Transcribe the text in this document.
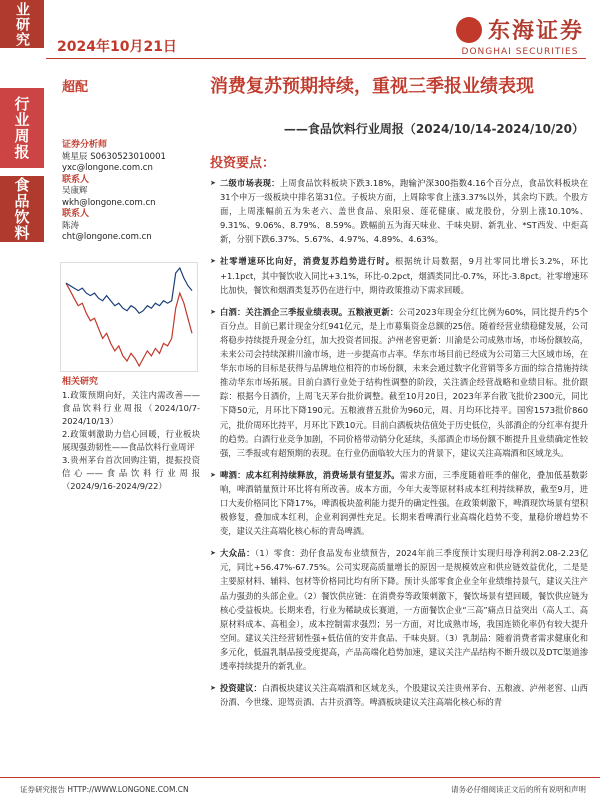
业研究
行业周报
食品饮料
2024年10月21日
东海证券
DONGHAI SECURITIES
超配
证券分析师
姚星辰 S0630523010001
yxc@longone.com.cn
联系人
吴康辉
wkh@longone.com.cn
联系人
陈涛
cht@longone.com.cn
相关研究
1.政策预期向好，关注内需改善——食品饮料行业周报（2024/10/7-2024/10/13）
2.政策刺激助力信心回暖，行业板块展现强劲韧性——食品饮料行业周评
3.贵州茅台首次回购注销，提振投资信心——食品饮料行业周报（2024/9/16-2024/9/22）
消费复苏预期持续，重视三季报业绩表现
——食品饮料行业周报（2024/10/14-2024/10/20）
投资要点：
➤ 二级市场表现：上周食品饮料板块下跌3.18%，跑输沪深300指数4.16个百分点，食品饮料板块在31个申万一级板块中排名第31位。子板块方面，上周除零食上涨3.37%以外，其余均下跌。个股方面，上周涨幅前五为朱老六、盖世食品、泉阳泉、莲花健康、威龙股份，分别上涨10.10%、9.31%、9.06%、8.79%、8.59%。跌幅前五为海天味业、千味央厨、新乳业、*ST西发、中炬高新，分别下跌6.37%、5.67%、4.97%、4.89%、4.63%。
➤ 社零增速环比向好，消费复苏趋势进行时。根据统计局数据，9月社零同比增长3.2%，环比+1.1pct，其中餐饮收入同比+3.1%，环比-0.2pct，烟酒类同比-0.7%，环比-3.8pct。社零增速环比加快，餐饮和烟酒类复苏仍在进行中，期待政策推动下需求回暖。
➤ 白酒：关注酒企三季报业绩表现。五粮液更新：公司2023年现金分红比例为60%，同比提升约5个百分点。目前已累计现金分红941亿元，是上市募集资金总额的25倍。随着经营业绩稳健发展，公司将稳步持续提升现金分红，加大投资者回报。泸州老窖更新：川渝是公司成熟市场，市场份额较高，未来公司会持续深耕川渝市场，进一步提高市占率。华东市场目前已经成为公司第三大区域市场，在华东市场的目标是获得与品牌地位相符的市场份额，未来会通过数字化营销等多方面的综合措施持续推动华东市场拓展。目前白酒行业处于结构性调整的阶段，关注酒企经营战略和业绩目标。批价跟踪：根据今日酒价，上周飞天茅台批价调整。截至10月20日，2023年茅台散飞批价2300元，同比下降50元，月环比下降190元。五粮液普五批价为960元，周、月均环比持平。国窖1573批价860元，批价周环比持平，月环比下跌10元。目前白酒板块估值处于历史低位，头部酒企的分红率有提升的趋势。白酒行业竞争加剧，不同价格带动销分化延续，头部酒企市场份额不断提升且业绩确定性较强，三季报或有超预期的表现。在行业仍面临较大压力的背景下，建议关注高端酒和区域龙头。
➤ 啤酒：成本红利持续释放，消费场景有望复苏。需求方面，三季度随着旺季的催化，叠加低基数影响，啤酒销量预计环比将有所改善。成本方面，今年大麦等原材料成本红利持续释放，截至9月，进口大麦价格同比下降17%，啤酒板块盈利能力提升的确定性强。在政策刺激下，啤酒现饮场景有望积极修复，叠加成本红利，企业利润弹性充足。长期来看啤酒行业高端化趋势不变，量稳价增趋势不变，建议关注高端化核心标的青岛啤酒。
➤ 大众品：（1）零食：劲仔食品发布业绩预告，2024年前三季度预计实现归母净利润2.08-2.23亿元，同比+56.47%-67.75%。公司实现高质量增长的原因一是规模效应和供应链效益优化，二是是主要原材料、辅料、包材等价格同比均有所下降。预计头部零食企业全年业绩维持景气，建议关注产品力强劲的头部企业。（2）餐饮供应链：在消费券等政策刺激下，餐饮场景有望回暖，餐饮供应链为核心受益板块。长期来看，行业为稀缺成长赛道，一方面餐饮企业“三高”痛点日益突出（高人工、高原材料成本、高租金），成本控制需求强烈；另一方面，对比成熟市场，我国连锁化率仍有较大提升空间。建议关注经营韧性强+低估值的安井食品、千味央厨。（3）乳制品：随着消费者需求健康化和多元化，低温乳制品接受度提高，产品高端化趋势加速，建议关注产品结构不断升级以及DTC渠道渗透率持续提升的新乳业。
➤ 投资建议：白酒板块建议关注高端酒和区域龙头，个股建议关注贵州茅台、五粮液、泸州老窖、山西汾酒、今世缘、迎驾贡酒、古井贡酒等。啤酒板块建议关注高端化核心标的青
证券研究报告 HTTP://WWW.LONGONE.COM.CN	请务必仔细阅读正文后的所有说明和声明
